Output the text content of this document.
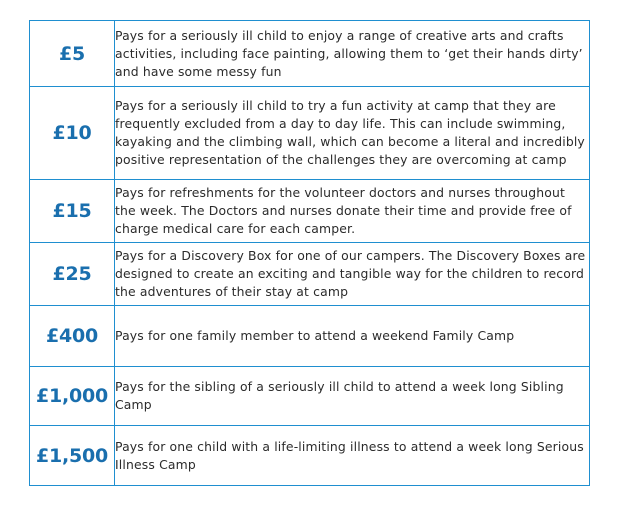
£5	Pays for a seriously ill child to enjoy a range of creative arts and crafts activities, including face painting, allowing them to ‘get their hands dirty’ and have some messy fun
£10	Pays for a seriously ill child to try a fun activity at camp that they are frequently excluded from a day to day life. This can include swimming, kayaking and the climbing wall, which can become a literal and incredibly positive representation of the challenges they are overcoming at camp
£15	Pays for refreshments for the volunteer doctors and nurses throughout the week. The Doctors and nurses donate their time and provide free of charge medical care for each camper.
£25	Pays for a Discovery Box for one of our campers. The Discovery Boxes are designed to create an exciting and tangible way for the children to record the adventures of their stay at camp
£400	Pays for one family member to attend a weekend Family Camp
£1,000	Pays for the sibling of a seriously ill child to attend a week long Sibling Camp
£1,500	Pays for one child with a life-limiting illness to attend a week long Serious Illness Camp
